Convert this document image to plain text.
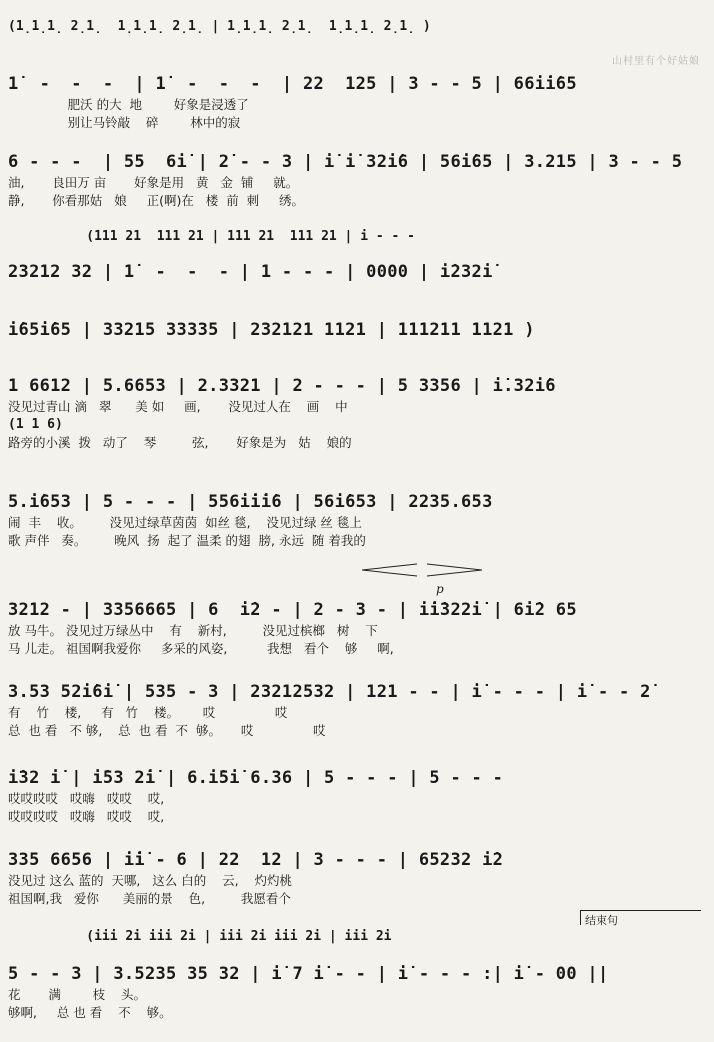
山村里有个好姑娘
(1̣1̣1̣ 2̣1̣  1̣1̣1̣ 2̣1̣ | 1̣1̣1̣ 2̣1̣  1̣1̣1̣ 2̣1̣ )
1̇  -  -  -  | 1̇  -  -  -  | 22  125 | 3 - - 5 | 66i̇i̇65
肥沃 的大  地        好象是浸透了
别让马铃敲    碎        林中的寂
6 - - -  | 55  6i̇ | 2̇ - - 3 | i̇ i̇ 32i̇6 | 56i̇65 | 3.215 | 3 - - 5
油,       良田万 亩       好象是用   黄   金  铺     就。
静,       你看那姑   娘     正(啊)在   楼  前  刺     绣。
(111 21  111 21 | 111 21  111 21 | i - - -
23212 32 | 1̇  -  -  - | 1 - - - | 0000 | i̇232i̇
i̇65i̇65 | 33215 33335 | 232121 1121 | 111211 1121 )
1 6612 | 5.6653 | 2.3321 | 2 - - - | 5 3356 | i̇.32i̇6
没见过青山 滴   翠      美 如     画,       没见过人在    画    中
(1 1 6)
路旁的小溪  拨   动了    琴         弦,       好象是为   姑    娘的
5.i̇653 | 5 - - - | 556i̇i̇i̇6 | 56i̇653 | 2235.653
闹  丰    收。       没见过绿草茵茵  如丝 毯,    没见过绿 丝 毯上
歌 声伴   奏。       晚风  扬  起了 温柔 的翅  膀, 永远  随 着我的
p
3212 - | 3356665 | 6  i̇2 - | 2 - 3 - | i̇i̇322i̇ | 6i̇2 65
放 马牛。 没见过万绿丛中    有    新村,         没见过槟榔   树    下
马 儿走。 祖国啊我爱你     多采的风姿,          我想   看个    够     啊,
3.53 52i̇6i̇ | 535 - 3 | 23212532 | 121 - - | i̇ - - - | i̇ - - 2̇
有    竹    楼,     有   竹    楼。      哎               哎
总  也 看   不 够,    总  也 看  不  够。     哎               哎
i̇32 i̇ | i̇53 2̇i̇ | 6.i̇5i̇ 6.36 | 5 - - - | 5 - - -
哎哎哎哎   哎嗨   哎哎    哎,
哎哎哎哎   哎嗨   哎哎    哎,
335 6656 | i̇i̇ - 6 | 22  12 | 3 - - - | 65232 i̇2
没见过 这么 蓝的  天哪,   这么 白的    云,    灼灼桃
祖国啊,我   爱你      美丽的景    色,         我愿看个
结束句
(iii 2i iii 2i | iii 2i iii 2i | iii 2i
5 - - 3 | 3.5235 35 32 | i̇ 7 i̇ - - | i̇ - - - :| i̇ - 00 ||
花       满        枝    头。
够啊,     总 也 看    不    够。
